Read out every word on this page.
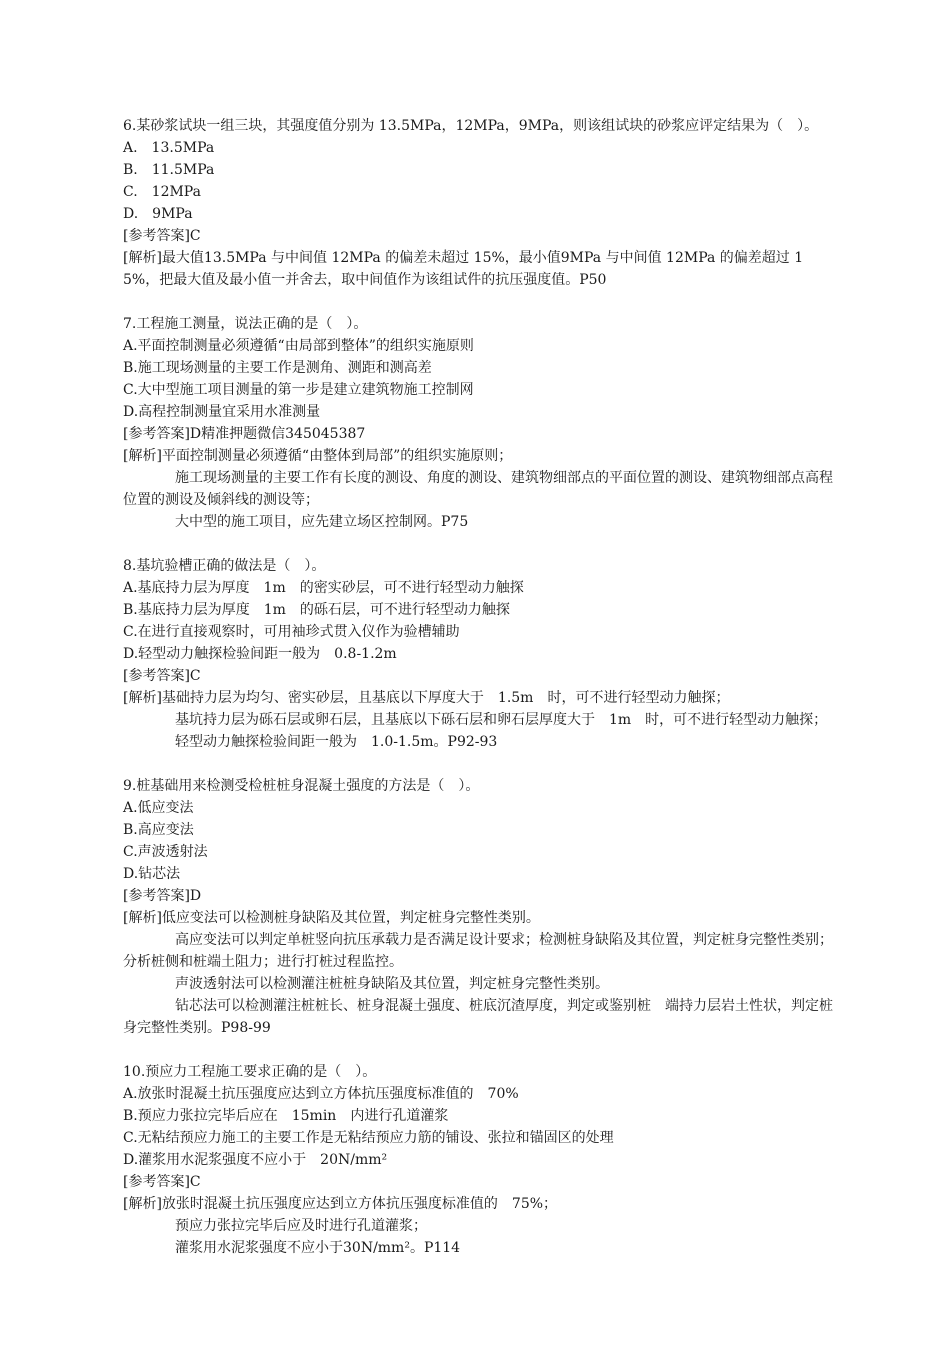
6.某砂浆试块一组三块，其强度值分别为 13.5MPa，12MPa，9MPa，则该组试块的砂浆应评定结果为（　）。
A.　13.5MPa
B.　11.5MPa
C.　12MPa
D.　9MPa
[参考答案]C
[解析]最大值13.5MPa 与中间值 12MPa 的偏差未超过 15%，最小值9MPa 与中间值 12MPa 的偏差超过 15%，把最大值及最小值一并舍去，取中间值作为该组试件的抗压强度值。P50
7.工程施工测量，说法正确的是（　）。
A.平面控制测量必须遵循“由局部到整体”的组织实施原则
B.施工现场测量的主要工作是测角、测距和测高差
C.大中型施工项目测量的第一步是建立建筑物施工控制网
D.高程控制测量宜采用水准测量
[参考答案]D精准押题微信345045387
[解析]平面控制测量必须遵循“由整体到局部”的组织实施原则；
施工现场测量的主要工作有长度的测设、角度的测设、建筑物细部点的平面位置的测设、建筑物细部点高程位置的测设及倾斜线的测设等；
大中型的施工项目，应先建立场区控制网。P75
8.基坑验槽正确的做法是（　）。
A.基底持力层为厚度　1m　的密实砂层，可不进行轻型动力触探
B.基底持力层为厚度　1m　的砾石层，可不进行轻型动力触探
C.在进行直接观察时，可用袖珍式贯入仪作为验槽辅助
D.轻型动力触探检验间距一般为　0.8-1.2m
[参考答案]C
[解析]基础持力层为均匀、密实砂层，且基底以下厚度大于　1.5m　时，可不进行轻型动力触探；
基坑持力层为砾石层或卵石层，且基底以下砾石层和卵石层厚度大于　1m　时，可不进行轻型动力触探；
轻型动力触探检验间距一般为　1.0-1.5m。P92-93
9.桩基础用来检测受检桩桩身混凝土强度的方法是（　）。
A.低应变法
B.高应变法
C.声波透射法
D.钻芯法
[参考答案]D
[解析]低应变法可以检测桩身缺陷及其位置，判定桩身完整性类别。
高应变法可以判定单桩竖向抗压承载力是否满足设计要求；检测桩身缺陷及其位置，判定桩身完整性类别；分析桩侧和桩端土阻力；进行打桩过程监控。
声波透射法可以检测灌注桩桩身缺陷及其位置，判定桩身完整性类别。
钻芯法可以检测灌注桩桩长、桩身混凝土强度、桩底沉渣厚度，判定或鉴别桩　端持力层岩土性状，判定桩身完整性类别。P98-99
10.预应力工程施工要求正确的是（　）。
A.放张时混凝土抗压强度应达到立方体抗压强度标准值的　70%
B.预应力张拉完毕后应在　15min　内进行孔道灌浆
C.无粘结预应力施工的主要工作是无粘结预应力筋的铺设、张拉和锚固区的处理
D.灌浆用水泥浆强度不应小于　20N/mm²
[参考答案]C
[解析]放张时混凝土抗压强度应达到立方体抗压强度标准值的　75%；
预应力张拉完毕后应及时进行孔道灌浆；
灌浆用水泥浆强度不应小于30N/mm²。P114
